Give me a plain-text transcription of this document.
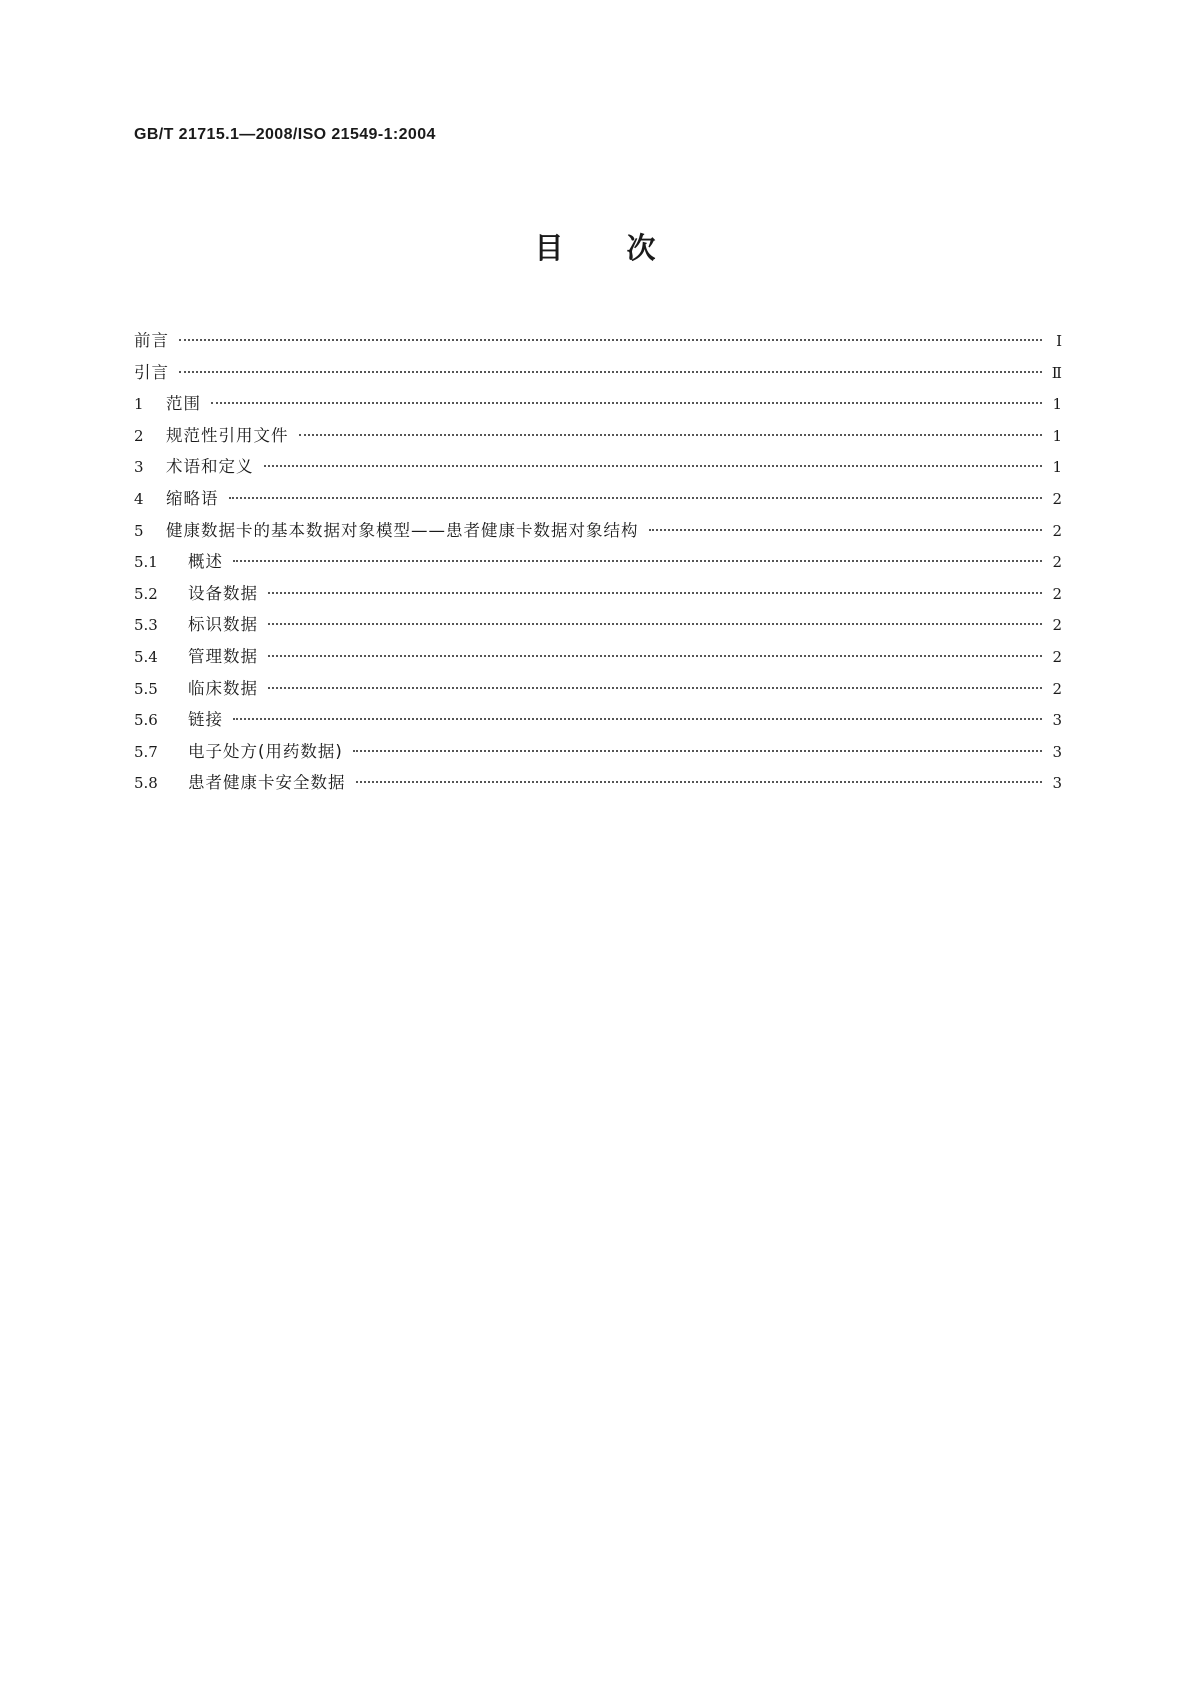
GB/T 21715.1—2008/ISO 21549-1:2004
目 次
前言	Ⅰ
引言	Ⅱ
1	范围	1
2	规范性引用文件	1
3	术语和定义	1
4	缩略语	2
5	健康数据卡的基本数据对象模型——患者健康卡数据对象结构	2
5.1	概述	2
5.2	设备数据	2
5.3	标识数据	2
5.4	管理数据	2
5.5	临床数据	2
5.6	链接	3
5.7	电子处方(用药数据)	3
5.8	患者健康卡安全数据	3
